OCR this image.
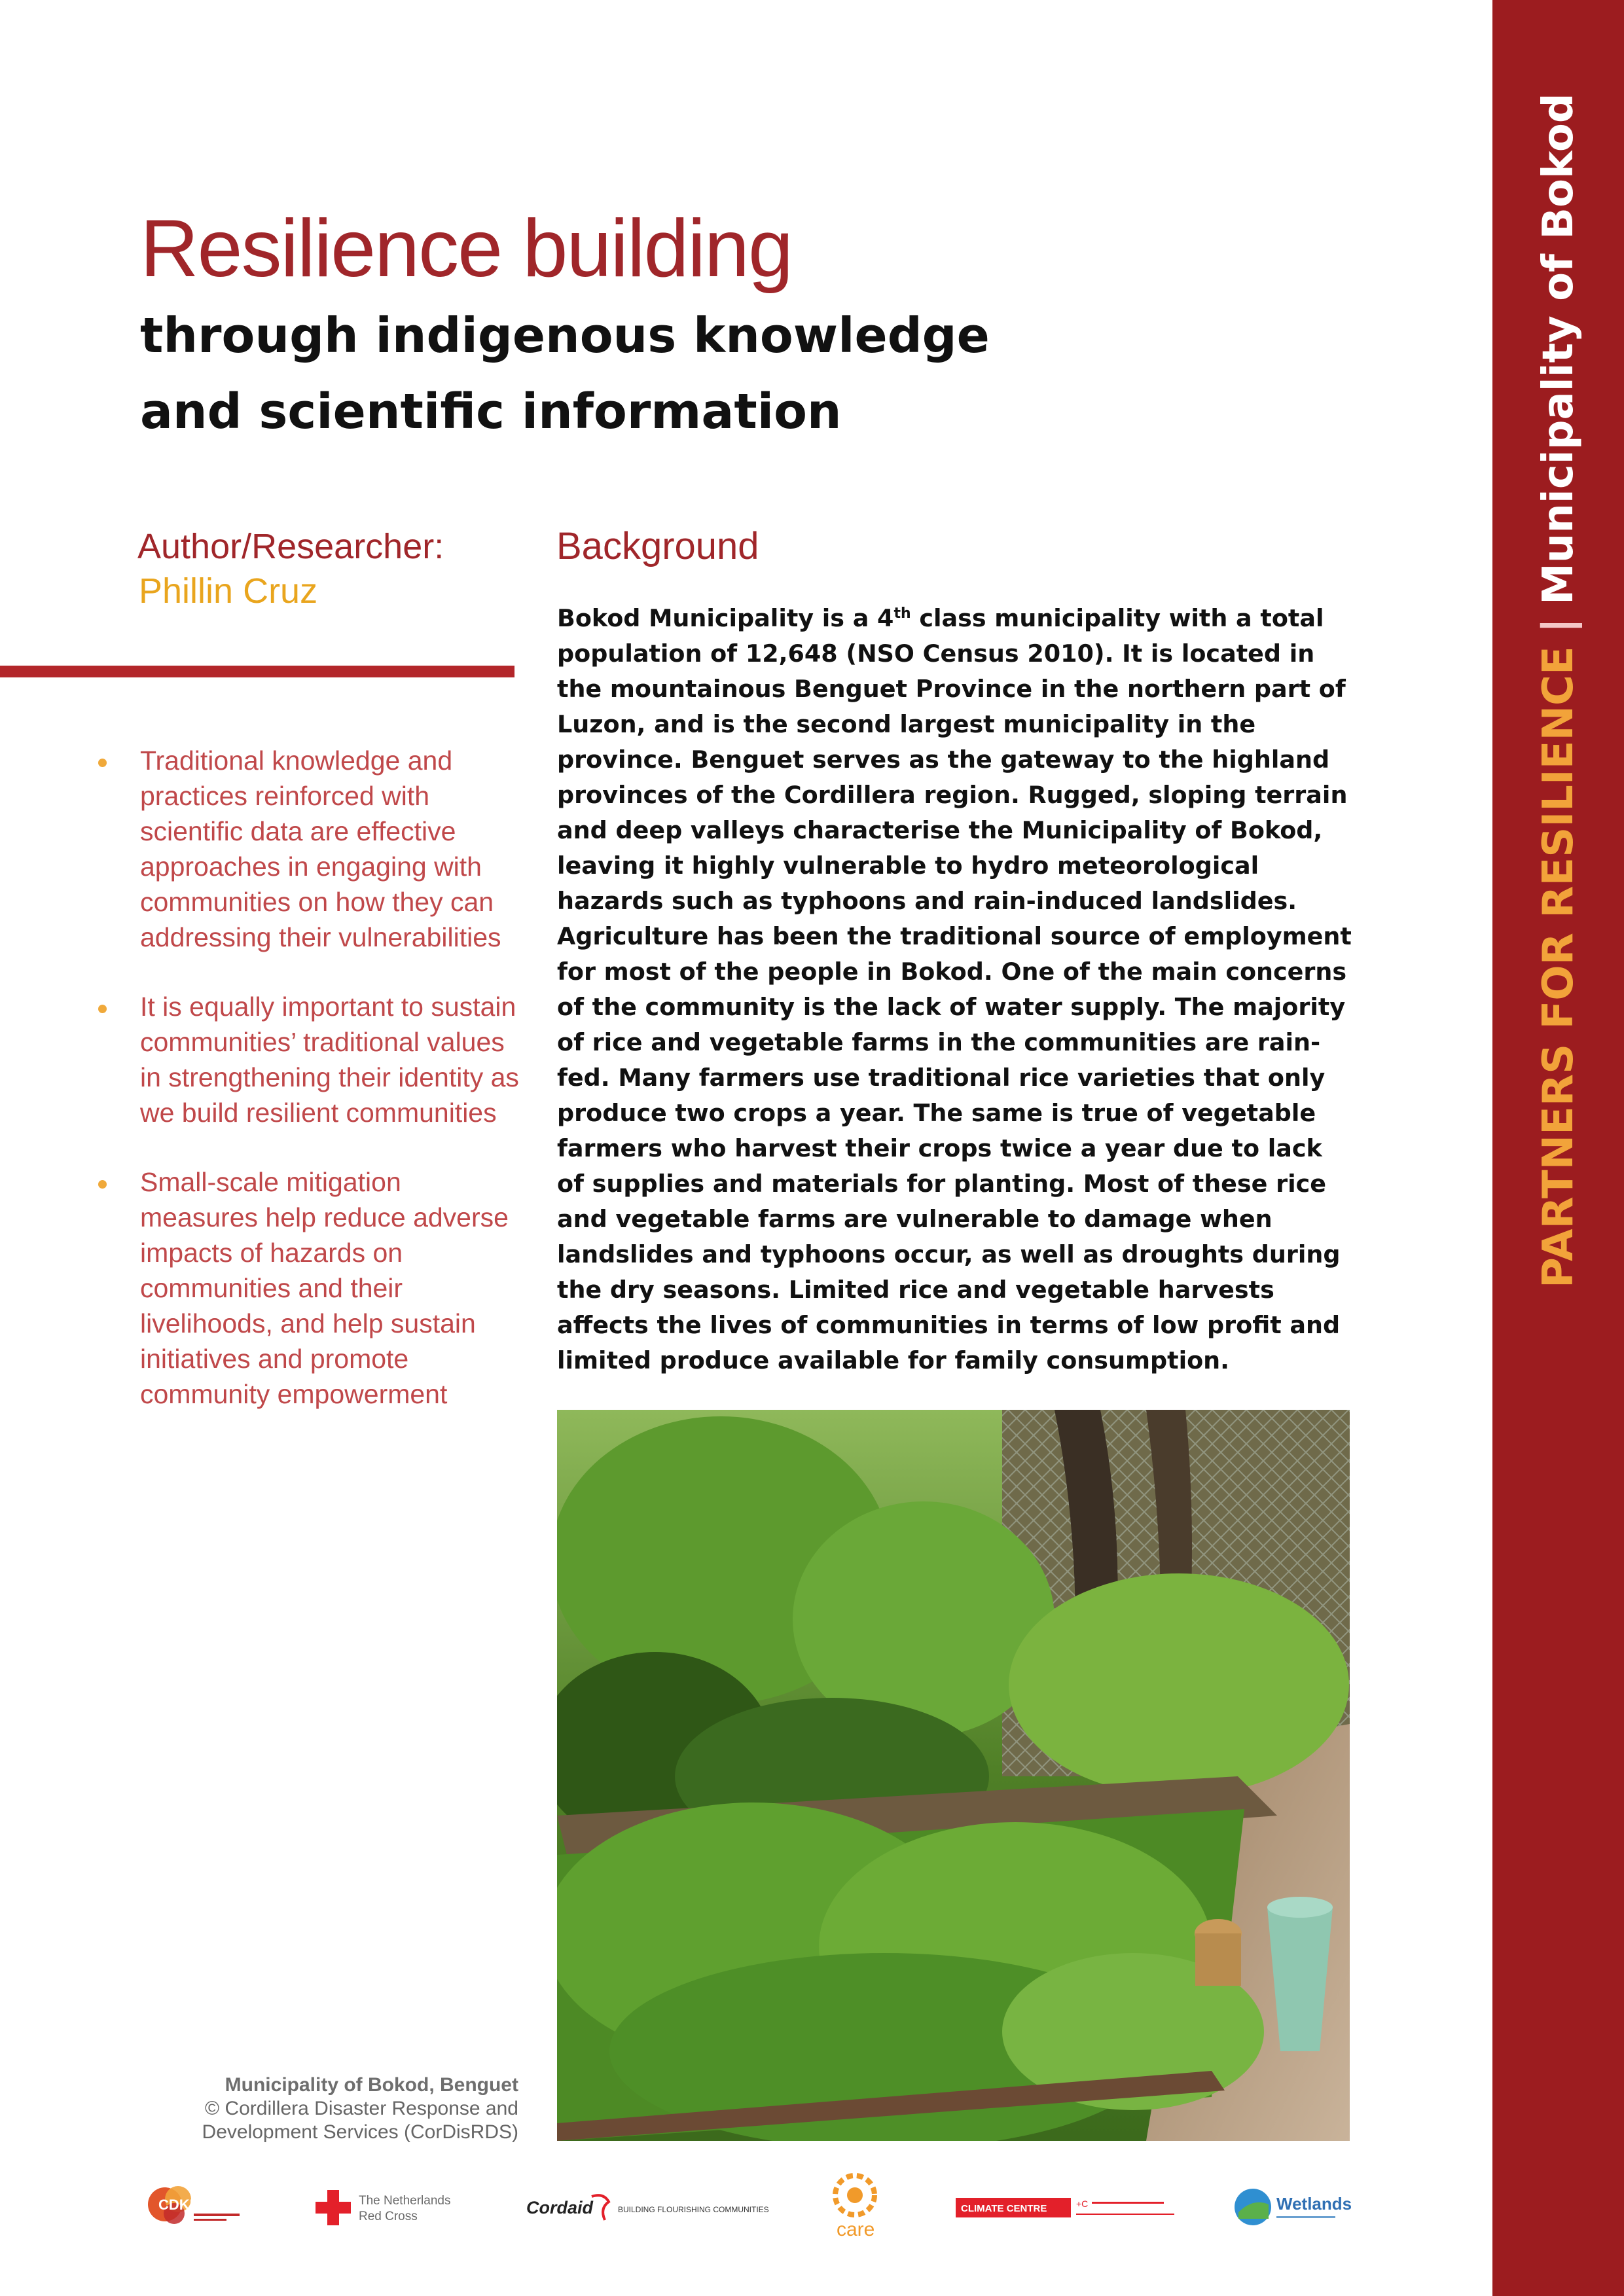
PARTNERS FOR RESILIENCE|Municipality of Bokod
Resilience building
through indigenous knowledge
and scientific information
Author/Researcher:
Phillin Cruz
Traditional knowledge and practices reinforced with scientific data are effective approaches in engaging with communities on how they can addressing their vulnerabilities
It is equally important to sustain communities’ traditional values in strengthening their identity as we build resilient communities
Small-scale mitigation measures help reduce adverse impacts of hazards on communities and their livelihoods, and help sustain initiatives and promote community empowerment
Background
Bokod Municipality is a 4th class municipality with a total population of 12,648 (NSO Census 2010). It is located in the mountainous Benguet Province in the northern part of Luzon, and is the second largest municipality in the province. Benguet serves as the gateway to the highland provinces of the Cordillera region. Rugged, sloping terrain and deep valleys characterise the Municipality of Bokod, leaving it highly vulnerable to hydro meteorological hazards such as typhoons and rain-induced landslides. Agriculture has been the traditional source of employment for most of the people in Bokod. One of the main concerns of the community is the lack of water supply. The majority of rice and vegetable farms in the communities are rain-fed. Many farmers use traditional rice varieties that only produce two crops a year. The same is true of vegetable farmers who harvest their crops twice a year due to lack of supplies and materials for planting. Most of these rice and vegetable farms are vulnerable to damage when landslides and typhoons occur, as well as droughts during the dry seasons. Limited rice and vegetable harvests affects the lives of communities in terms of low profit and limited produce available for family consumption.
Municipality of Bokod, Benguet
© Cordillera Disaster Response and
Development Services (CorDisRDS)
CDKN	The Netherlands
Red Cross	Cordaid	BUILDING FLOURISHING COMMUNITIES
care
CLIMATE CENTRE	+C	Wetlands
